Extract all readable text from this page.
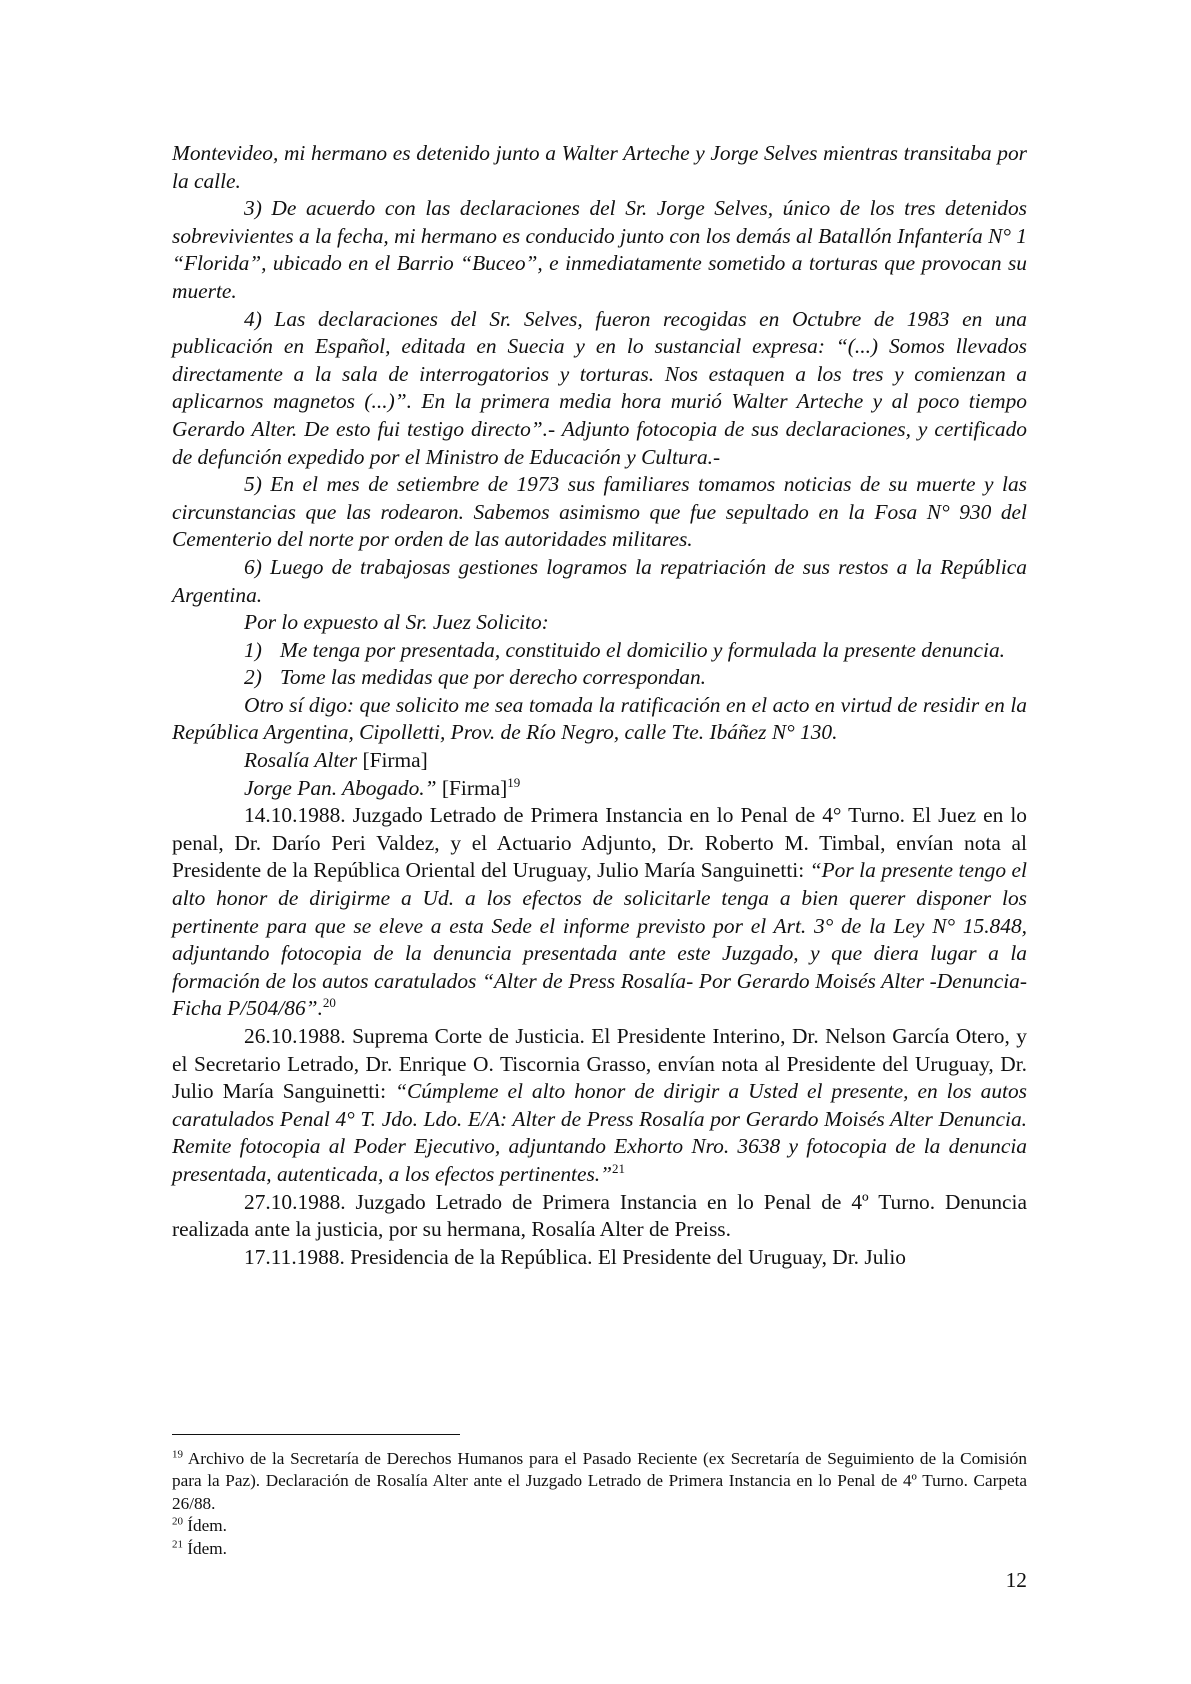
Montevideo, mi hermano es detenido junto a Walter Arteche y Jorge Selves mientras transitaba por la calle.

3) De acuerdo con las declaraciones del Sr. Jorge Selves, único de los tres detenidos sobrevivientes a la fecha, mi hermano es conducido junto con los demás al Batallón Infantería N° 1 “Florida”, ubicado en el Barrio “Buceo”, e inmediatamente sometido a torturas que provocan su muerte.

4) Las declaraciones del Sr. Selves, fueron recogidas en Octubre de 1983 en una publicación en Español, editada en Suecia y en lo sustancial expresa: “(...) Somos llevados directamente a la sala de interrogatorios y torturas. Nos estaquen a los tres y comienzan a aplicarnos magnetos (...)”. En la primera media hora murió Walter Arteche y al poco tiempo Gerardo Alter. De esto fui testigo directo”.- Adjunto fotocopia de sus declaraciones, y certificado de defunción expedido por el Ministro de Educación y Cultura.-

5) En el mes de setiembre de 1973 sus familiares tomamos noticias de su muerte y las circunstancias que las rodearon. Sabemos asimismo que fue sepultado en la Fosa N° 930 del Cementerio del norte por orden de las autoridades militares.

6) Luego de trabajosas gestiones logramos la repatriación de sus restos a la República Argentina.

Por lo expuesto al Sr. Juez Solicito:

1) Me tenga por presentada, constituido el domicilio y formulada la presente denuncia.
2) Tome las medidas que por derecho correspondan.

Otro sí digo: que solicito me sea tomada la ratificación en el acto en virtud de residir en la República Argentina, Cipolletti, Prov. de Río Negro, calle Tte. Ibáñez N° 130.

Rosalía Alter [Firma]

Jorge Pan. Abogado.” [Firma]$^{19}$

14.10.1988. Juzgado Letrado de Primera Instancia en lo Penal de 4° Turno. El Juez en lo penal, Dr. Darío Peri Valdez, y el Actuario Adjunto, Dr. Roberto M. Timbal, envían nota al Presidente de la República Oriental del Uruguay, Julio María Sanguinetti: “Por la presente tengo el alto honor de dirigirme a Ud. a los efectos de solicitarle tenga a bien querer disponer los pertinente para que se eleve a esta Sede el informe previsto por el Art. 3° de la Ley N° 15.848, adjuntando fotocopia de la denuncia presentada ante este Juzgado, y que diera lugar a la formación de los autos caratulados “Alter de Press Rosalía- Por Gerardo Moisés Alter -Denuncia- Ficha P/504/86”.$^{20}$

26.10.1988. Suprema Corte de Justicia. El Presidente Interino, Dr. Nelson García Otero, y el Secretario Letrado, Dr. Enrique O. Tiscornia Grasso, envían nota al Presidente del Uruguay, Dr. Julio María Sanguinetti: “Cúmpleme el alto honor de dirigir a Usted el presente, en los autos caratulados Penal 4° T. Jdo. Ldo. E/A: Alter de Press Rosalía por Gerardo Moisés Alter Denuncia. Remite fotocopia al Poder Ejecutivo, adjuntando Exhorto Nro. 3638 y fotocopia de la denuncia presentada, autenticada, a los efectos pertinentes.”$^{21}$

27.10.1988. Juzgado Letrado de Primera Instancia en lo Penal de 4º Turno. Denuncia realizada ante la justicia, por su hermana, Rosalía Alter de Preiss.

17.11.1988. Presidencia de la República. El Presidente del Uruguay, Dr. Julio

$^{19}$ Archivo de la Secretaría de Derechos Humanos para el Pasado Reciente (ex Secretaría de Seguimiento de la Comisión para la Paz). Declaración de Rosalía Alter ante el Juzgado Letrado de Primera Instancia en lo Penal de 4º Turno. Carpeta 26/88.

$^{20}$ Ídem.

$^{21}$ Ídem.

12
